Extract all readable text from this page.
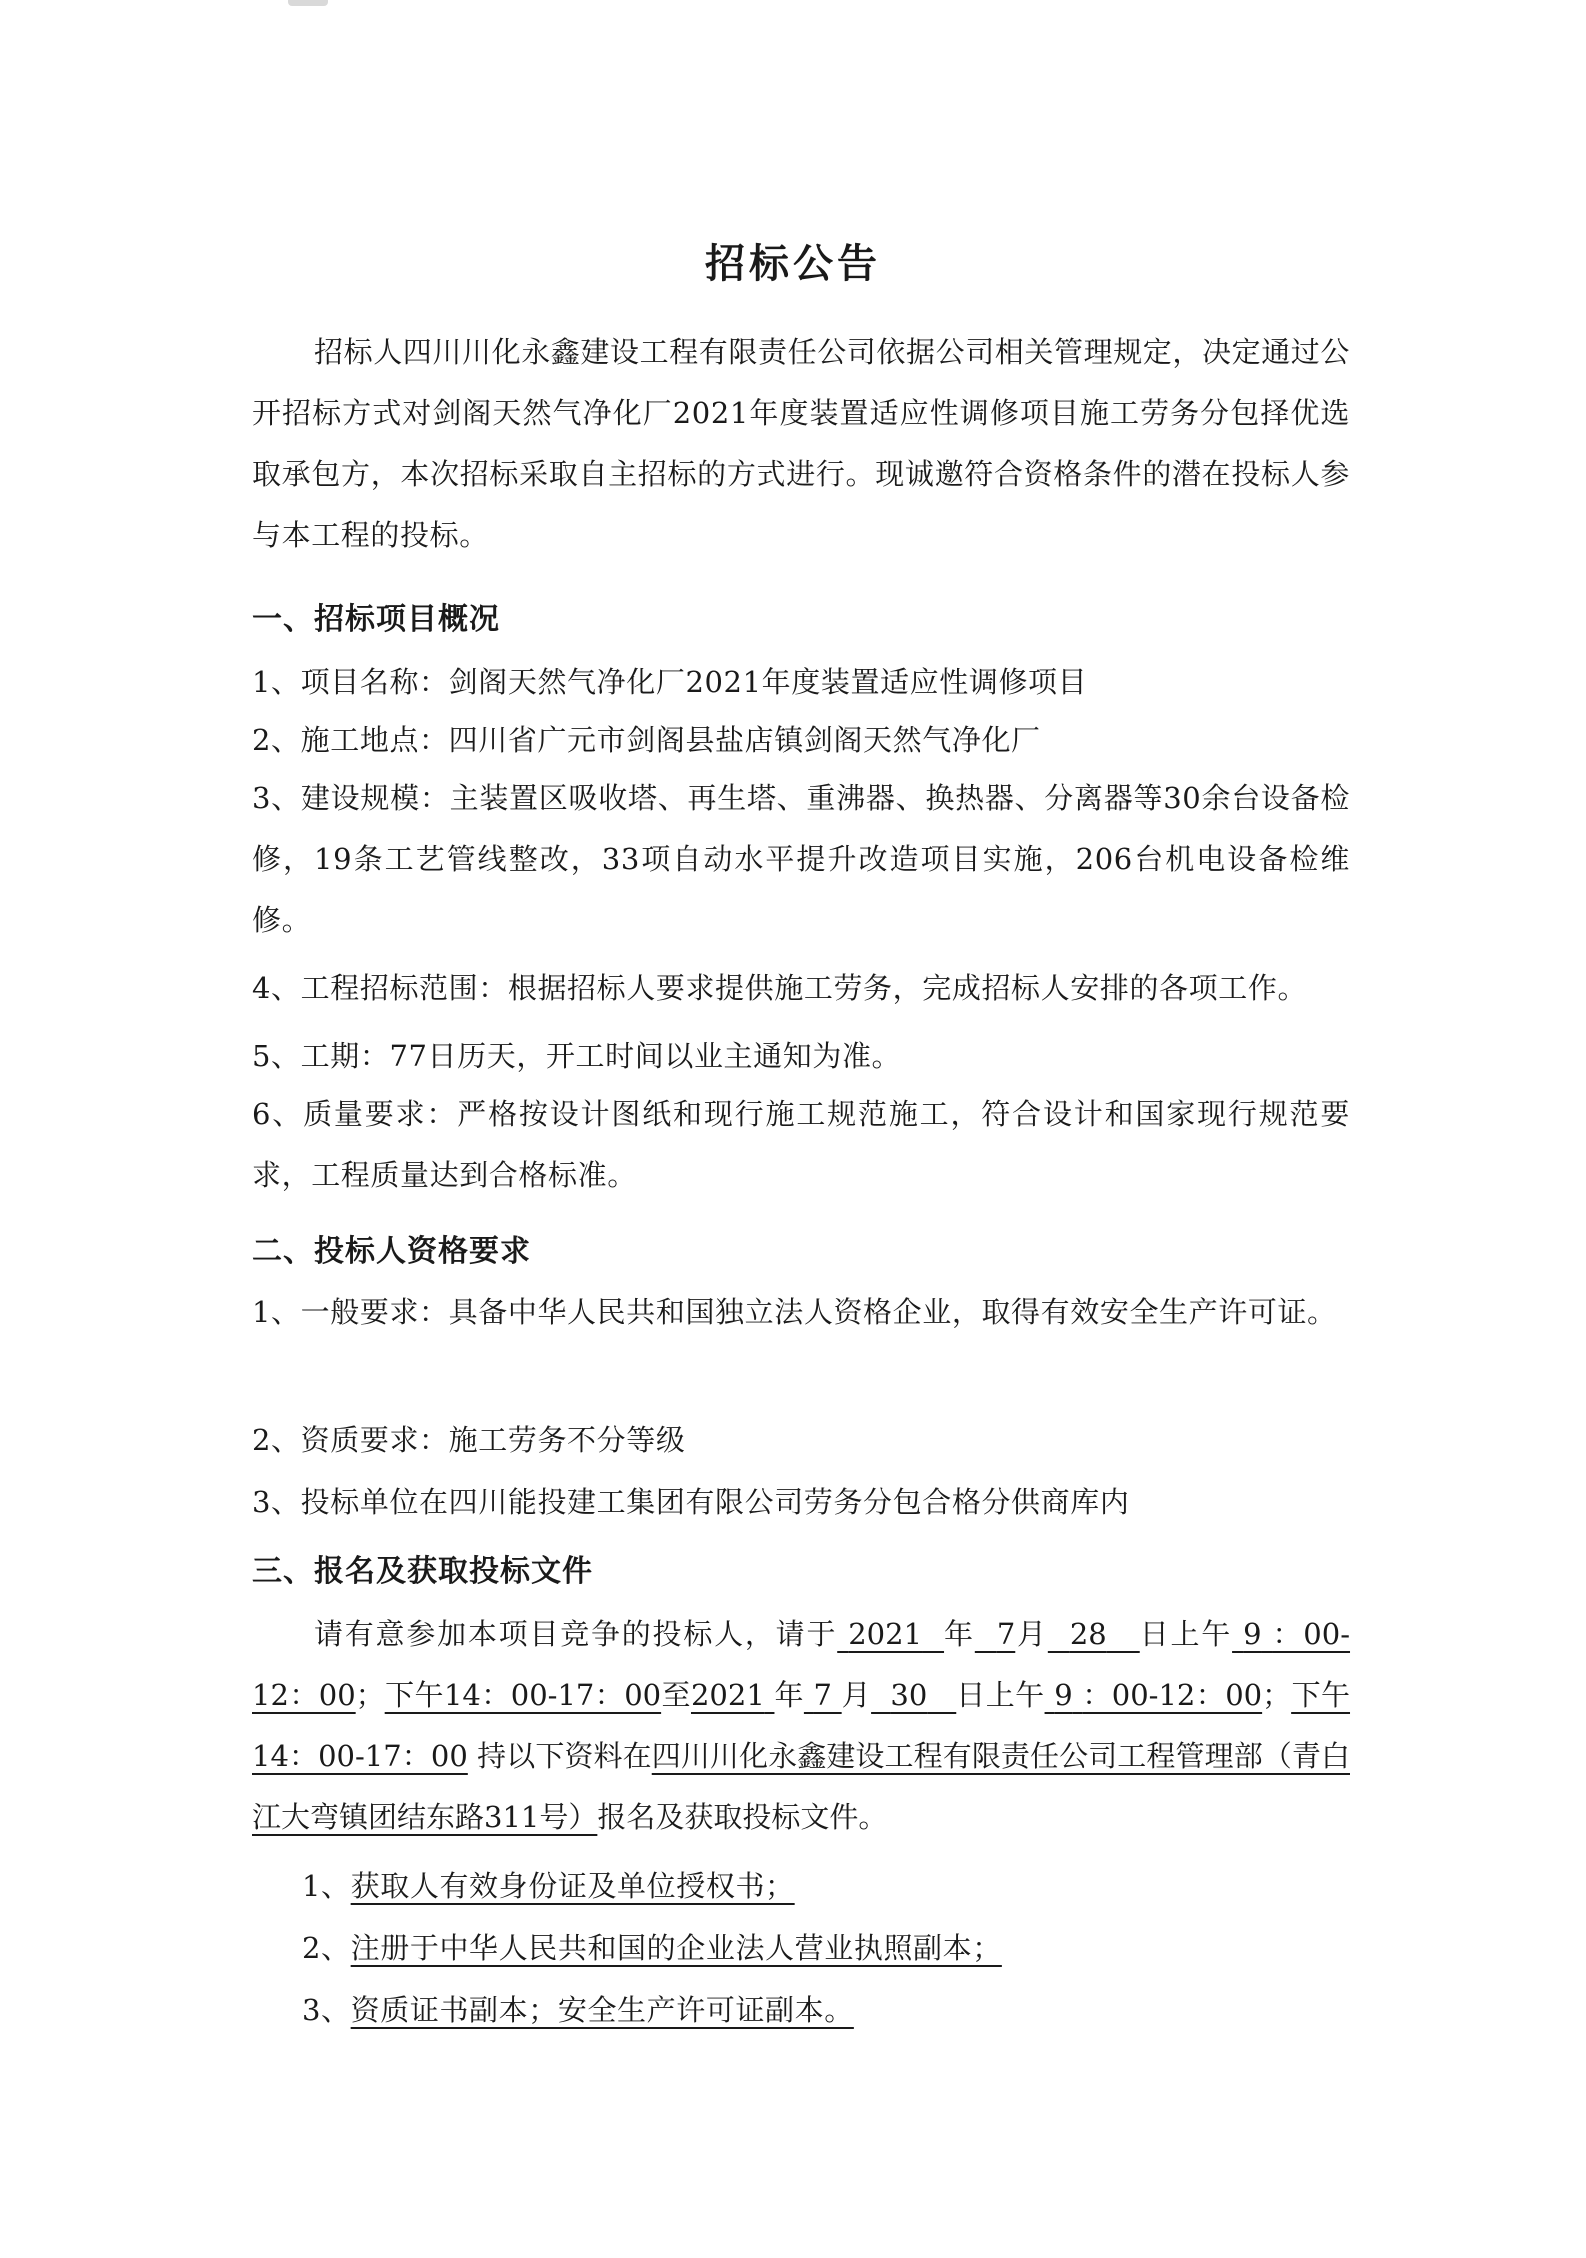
招标公告
招标人四川川化永鑫建设工程有限责任公司依据公司相关管理规定，决定通过公开招标方式对剑阁天然气净化厂2021年度装置适应性调修项目施工劳务分包择优选取承包方，本次招标采取自主招标的方式进行。现诚邀符合资格条件的潜在投标人参与本工程的投标。
一、招标项目概况
1、项目名称：剑阁天然气净化厂2021年度装置适应性调修项目
2、施工地点：四川省广元市剑阁县盐店镇剑阁天然气净化厂
3、建设规模：主装置区吸收塔、再生塔、重沸器、换热器、分离器等30余台设备检修，19条工艺管线整改，33项自动水平提升改造项目实施，206台机电设备检维修。
4、工程招标范围：根据招标人要求提供施工劳务，完成招标人安排的各项工作。
5、工期：77日历天，开工时间以业主通知为准。
6、质量要求：严格按设计图纸和现行施工规范施工，符合设计和国家现行规范要求，工程质量达到合格标准。
二、投标人资格要求
1、一般要求：具备中华人民共和国独立法人资格企业，取得有效安全生产许可证。
2、资质要求：施工劳务不分等级
3、投标单位在四川能投建工集团有限公司劳务分包合格分供商库内
三、报名及获取投标文件
请有意参加本项目竞争的投标人，请于 2021 年 7月 28 日上午 9 ：00-12：00；下午14：00-17：00至2021 年 7 月 30 日上午 9 ：00-12：00；下午14：00-17：00 持以下资料在四川川化永鑫建设工程有限责任公司工程管理部（青白江大弯镇团结东路311号）报名及获取投标文件。
1、获取人有效身份证及单位授权书；
2、注册于中华人民共和国的企业法人营业执照副本；
3、资质证书副本；安全生产许可证副本。
